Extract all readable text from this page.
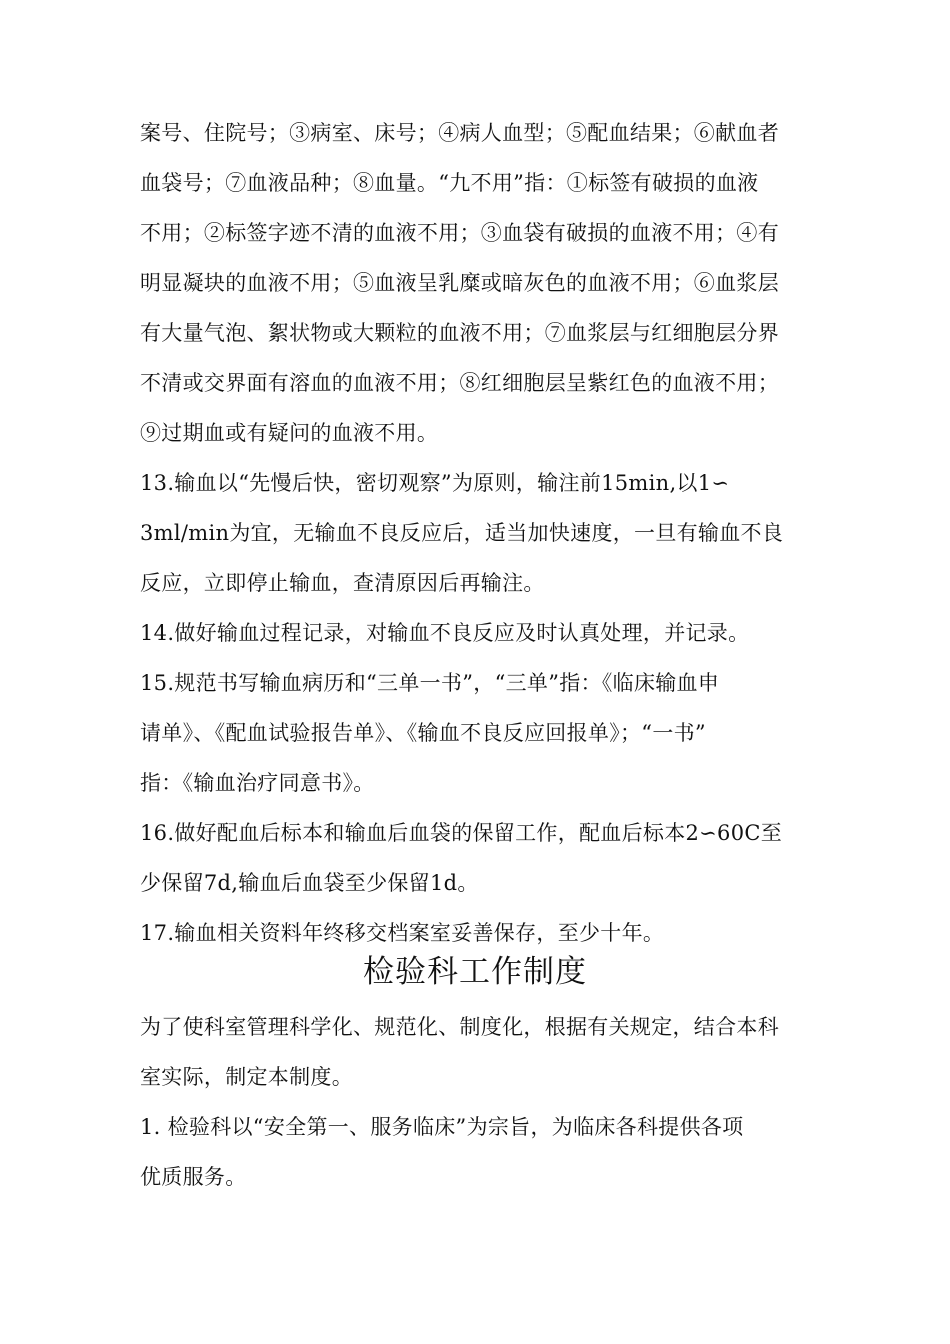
案号、住院号；③病室、床号；④病人血型；⑤配血结果；⑥献血者
血袋号；⑦血液品种；⑧血量。“九不用”指：①标签有破损的血液
不用；②标签字迹不清的血液不用；③血袋有破损的血液不用；④有
明显凝块的血液不用；⑤血液呈乳糜或暗灰色的血液不用；⑥血浆层
有大量气泡、絮状物或大颗粒的血液不用；⑦血浆层与红细胞层分界
不清或交界面有溶血的血液不用；⑧红细胞层呈紫红色的血液不用；
⑨过期血或有疑问的血液不用。
13.输血以“先慢后快，密切观察”为原则，输注前15min,以1∽
3ml/min为宜，无输血不良反应后，适当加快速度，一旦有输血不良
反应，立即停止输血，查清原因后再输注。
14.做好输血过程记录，对输血不良反应及时认真处理，并记录。
15.规范书写输血病历和“三单一书”，“三单”指：《临床输血申
请单》、《配血试验报告单》、《输血不良反应回报单》；“一书”
指：《输血治疗同意书》。
16.做好配血后标本和输血后血袋的保留工作，配血后标本2∽60C至
少保留7d,输血后血袋至少保留1d。
17.输血相关资料年终移交档案室妥善保存，至少十年。
检验科工作制度
为了使科室管理科学化、规范化、制度化，根据有关规定，结合本科
室实际，制定本制度。
1. 检验科以“安全第一、服务临床”为宗旨，为临床各科提供各项
优质服务。
